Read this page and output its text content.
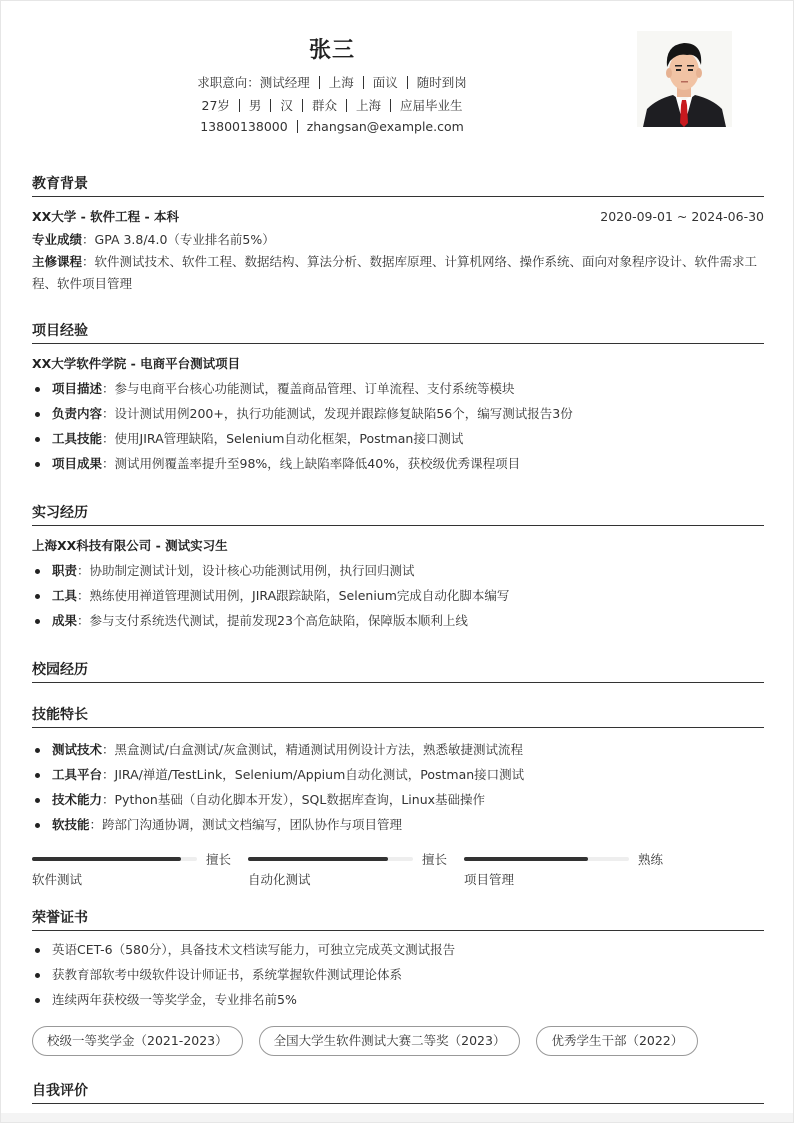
张三
求职意向：测试经理 上海 面议 随时到岗
27岁 男 汉 群众 上海 应届毕业生
13800138000 zhangsan@example.com
教育背景
XX大学 - 软件工程 - 本科	2020-09-01 ~ 2024-06-30
专业成绩：GPA 3.8/4.0（专业排名前5%）
主修课程：软件测试技术、软件工程、数据结构、算法分析、数据库原理、计算机网络、操作系统、面向对象程序设计、软件需求工程、软件项目管理
项目经验
XX大学软件学院 - 电商平台测试项目
项目描述：参与电商平台核心功能测试，覆盖商品管理、订单流程、支付系统等模块
负责内容：设计测试用例200+，执行功能测试，发现并跟踪修复缺陷56个，编写测试报告3份
工具技能：使用JIRA管理缺陷，Selenium自动化框架，Postman接口测试
项目成果：测试用例覆盖率提升至98%，线上缺陷率降低40%，获校级优秀课程项目
实习经历
上海XX科技有限公司 - 测试实习生
职责：协助制定测试计划，设计核心功能测试用例，执行回归测试
工具：熟练使用禅道管理测试用例，JIRA跟踪缺陷，Selenium完成自动化脚本编写
成果：参与支付系统迭代测试，提前发现23个高危缺陷，保障版本顺利上线
校园经历
技能特长
测试技术：黑盒测试/白盒测试/灰盒测试，精通测试用例设计方法，熟悉敏捷测试流程
工具平台：JIRA/禅道/TestLink，Selenium/Appium自动化测试，Postman接口测试
技术能力：Python基础（自动化脚本开发），SQL数据库查询，Linux基础操作
软技能：跨部门沟通协调，测试文档编写，团队协作与项目管理
擅长
软件测试
擅长
自动化测试
熟练
项目管理
荣誉证书
英语CET-6（580分），具备技术文档读写能力，可独立完成英文测试报告
获教育部软考中级软件设计师证书，系统掌握软件测试理论体系
连续两年获校级一等奖学金，专业排名前5%
校级一等奖学金（2021-2023）	全国大学生软件测试大赛二等奖（2023）	优秀学生干部（2022）
自我评价
